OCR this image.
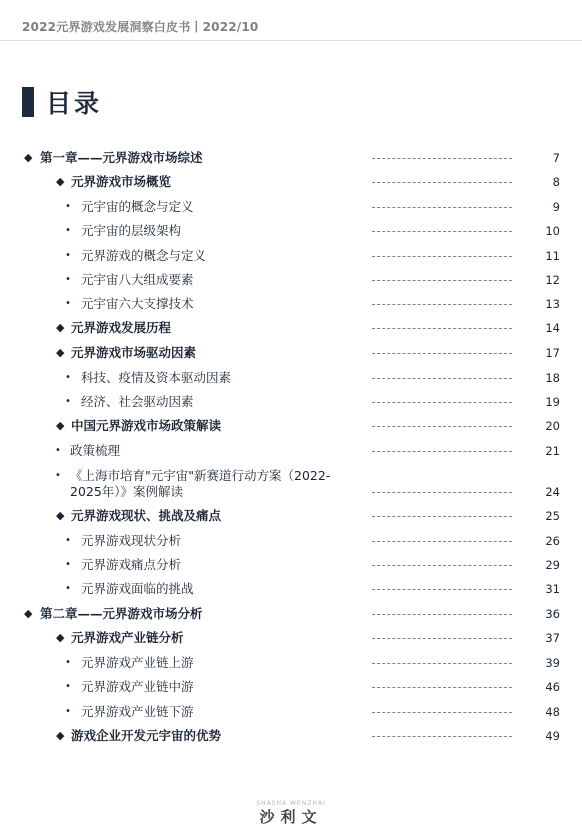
2022元界游戏发展洞察白皮书丨2022/10
目录
◆ 第一章——元界游戏市场综述	7
◆ 元界游戏市场概览	8
• 元宇宙的概念与定义	9
• 元宇宙的层级架构	10
• 元界游戏的概念与定义	11
• 元宇宙八大组成要素	12
• 元宇宙六大支撑技术	13
◆ 元界游戏发展历程	14
◆ 元界游戏市场驱动因素	17
• 科技、疫情及资本驱动因素	18
• 经济、社会驱动因素	19
◆ 中国元界游戏市场政策解读	20
• 政策梳理	21
• 《上海市培育"元宇宙"新赛道行动方案（2022-
2025年）》案例解读	24
◆ 元界游戏现状、挑战及痛点	25
• 元界游戏现状分析	26
• 元界游戏痛点分析	29
• 元界游戏面临的挑战	31
◆ 第二章——元界游戏市场分析	36
◆ 元界游戏产业链分析	37
• 元界游戏产业链上游	39
• 元界游戏产业链中游	46
• 元界游戏产业链下游	48
◆ 游戏企业开发元宇宙的优势	49
SHASHA WENZHAI
沙利文
